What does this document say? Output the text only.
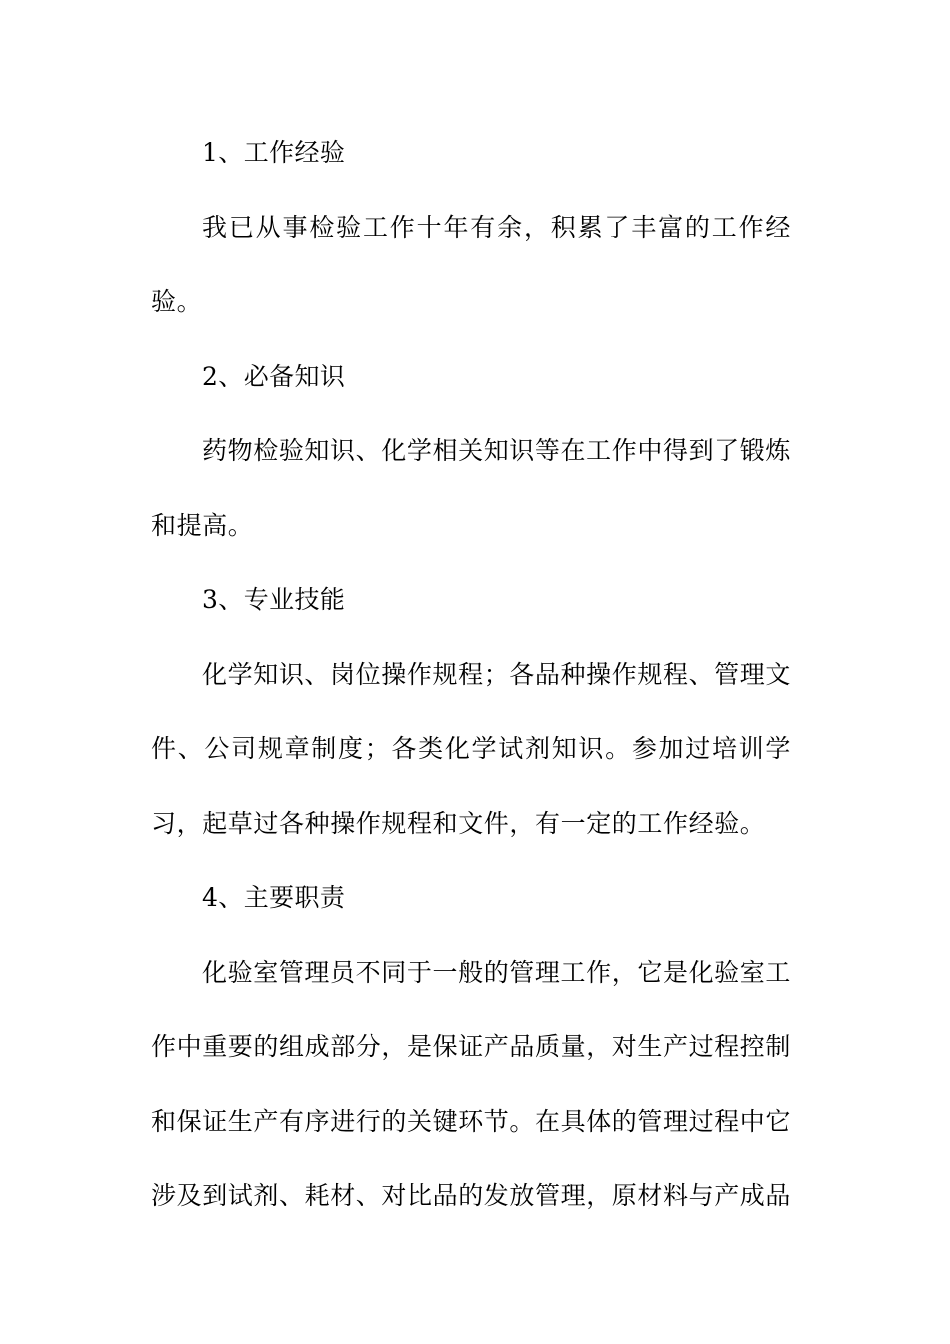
1、工作经验

我已从事检验工作十年有余，积累了丰富的工作经验。

2、必备知识

药物检验知识、化学相关知识等在工作中得到了锻炼和提高。

3、专业技能

化学知识、岗位操作规程；各品种操作规程、管理文件、公司规章制度；各类化学试剂知识。参加过培训学习，起草过各种操作规程和文件，有一定的工作经验。

4、主要职责

化验室管理员不同于一般的管理工作，它是化验室工作中重要的组成部分，是保证产品质量，对生产过程控制和保证生产有序进行的关键环节。在具体的管理过程中它涉及到试剂、耗材、对比品的发放管理，原材料与产成品
